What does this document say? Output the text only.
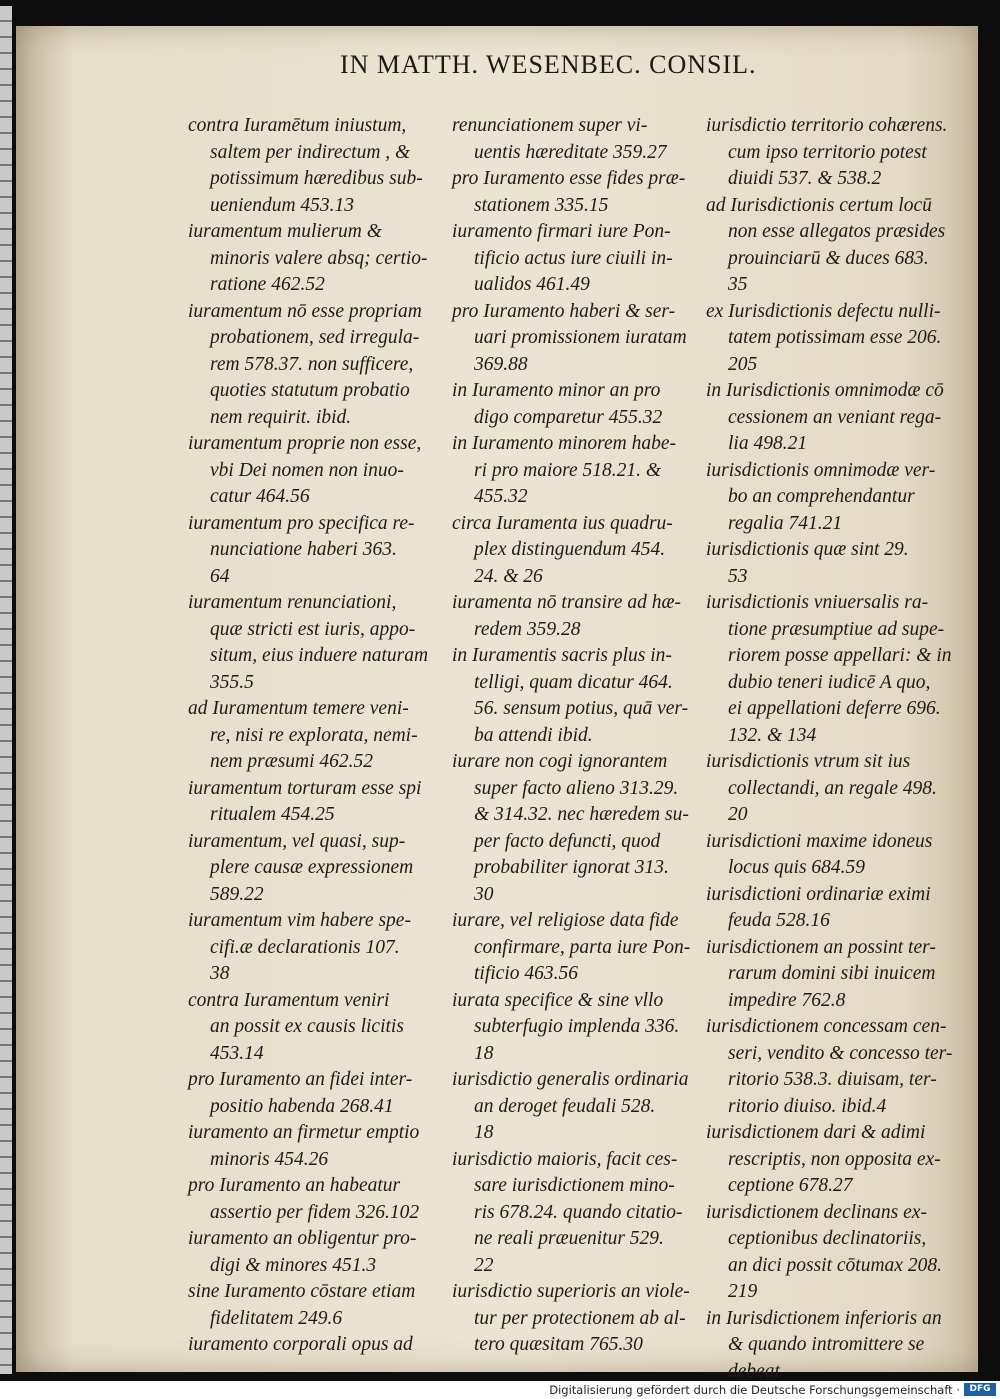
IN MATTH. WESENBEC. CONSIL.

contra Iuramētum iniustum,
saltem per indirectum , &
potissimum hæredibus sub-
ueniendum 453.13

iuramentum mulierum &
minoris valere absq; certio-
ratione 462.52

iuramentum nō esse propriam
probationem, sed irregula-
rem 578.37. non sufficere,
quoties statutum probatio
nem requirit. ibid.

iuramentum proprie non esse,
vbi Dei nomen non inuo-
catur 464.56

iuramentum pro specifica re-
nunciatione haberi 363.
64

iuramentum renunciationi,
quæ stricti est iuris, appo-
situm, eius induere naturam
355.5

ad Iuramentum temere veni-
re, nisi re explorata, nemi-
nem præsumi 462.52

iuramentum torturam esse spi
ritualem 454.25

iuramentum, vel quasi, sup-
plere causæ expressionem
589.22

iuramentum vim habere spe-
cifi.æ declarationis 107.
38

contra Iuramentum veniri
an possit ex causis licitis
453.14

pro Iuramento an fidei inter-
positio habenda 268.41

iuramento an firmetur emptio
minoris 454.26

pro Iuramento an habeatur
assertio per fidem 326.102

iuramento an obligentur pro-
digi & minores 451.3

sine Iuramento cōstare etiam
fidelitatem 249.6

iuramento corporali opus ad

renunciationem super vi-
uentis hæreditate 359.27

pro Iuramento esse fides præ-
stationem 335.15

iuramento firmari iure Pon-
tificio actus iure ciuili in-
ualidos 461.49

pro Iuramento haberi & ser-
uari promissionem iuratam
369.88

in Iuramento minor an pro
digo comparetur 455.32

in Iuramento minorem habe-
ri pro maiore 518.21. &
455.32

circa Iuramenta ius quadru-
plex distinguendum 454.
24. & 26

iuramenta nō transire ad hæ-
redem 359.28

in Iuramentis sacris plus in-
telligi, quam dicatur 464.
56. sensum potius, quā ver-
ba attendi ibid.

iurare non cogi ignorantem
super facto alieno 313.29.
& 314.32. nec hæredem su-
per facto defuncti, quod
probabiliter ignorat 313.
30

iurare, vel religiose data fide
confirmare, parta iure Pon-
tificio 463.56

iurata specifice & sine vllo
subterfugio implenda 336.
18

iurisdictio generalis ordinaria
an deroget feudali 528.
18

iurisdictio maioris, facit ces-
sare iurisdictionem mino-
ris 678.24. quando citatio-
ne reali præuenitur 529.
22

iurisdictio superioris an viole-
tur per protectionem ab al-
tero quæsitam 765.30

iurisdictio territorio cohærens.
cum ipso territorio potest
diuidi 537. & 538.2

ad Iurisdictionis certum locū
non esse allegatos præsides
prouinciarū & duces 683.
35

ex Iurisdictionis defectu nulli-
tatem potissimam esse 206.
205

in Iurisdictionis omnimodæ cō
cessionem an veniant rega-
lia 498.21

iurisdictionis omnimodæ ver-
bo an comprehendantur
regalia 741.21

iurisdictionis quæ sint 29.
53

iurisdictionis vniuersalis ra-
tione præsumptiue ad supe-
riorem posse appellari: & in
dubio teneri iudicē A quo,
ei appellationi deferre 696.
132. & 134

iurisdictionis vtrum sit ius
collectandi, an regale 498.
20

iurisdictioni maxime idoneus
locus quis 684.59

iurisdictioni ordinariæ eximi
feuda 528.16

iurisdictionem an possint ter-
rarum domini sibi inuicem
impedire 762.8

iurisdictionem concessam cen-
seri, vendito & concesso ter-
ritorio 538.3. diuisam, ter-
ritorio diuiso. ibid.4

iurisdictionem dari & adimi
rescriptis, non opposita ex-
ceptione 678.27

iurisdictionem declinans ex-
ceptionibus declinatoriis,
an dici possit cōtumax 208.
219

in Iurisdictionem inferioris an
& quando intromittere se
debeat

Digitalisierung gefördert durch die Deutsche Forschungsgemeinschaft ·	DFG
